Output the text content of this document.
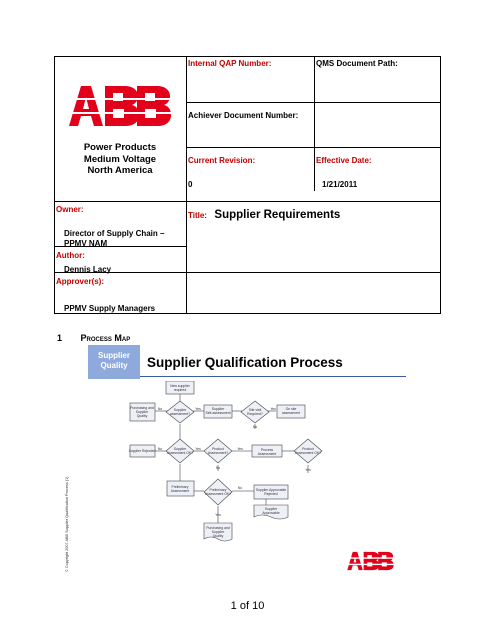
Power Products
Medium Voltage
North America
Internal QAP Number:	QMS Document Path:
Achiever Document Number:
Current Revision:
0
Effective Date:
1/21/2011
Owner:
Director of Supply Chain – PPMV NAM
Author:
Dennis Lacy
Approver(s):
PPMV Supply Managers
Title: Supplier Requirements
1 Process Map
Supplier
Quality	Supplier Qualification Process
© Copyright 2007 ABB Supplier Qualification Process (1)
New supplier
required
Purchasing and
Supplier
Quality
Supplier
assessment?
Supplier
Self-assessment
Site visit
Required?
On site
assessment
Supplier Rejected	Supplier
Assessment OK?
Product
Assessment?
Process
Assessment
Product
Assessment OK?
Preliminary
Assessment	Preliminary
Assessment OK?
Supplier Approvable
Rejected
Supplier
Approvable
Purchasing and
Supplier
Quality
Yes	Yes
No
No	Yes	Yes
Yes
No
No
Yes
No
1 of 10
